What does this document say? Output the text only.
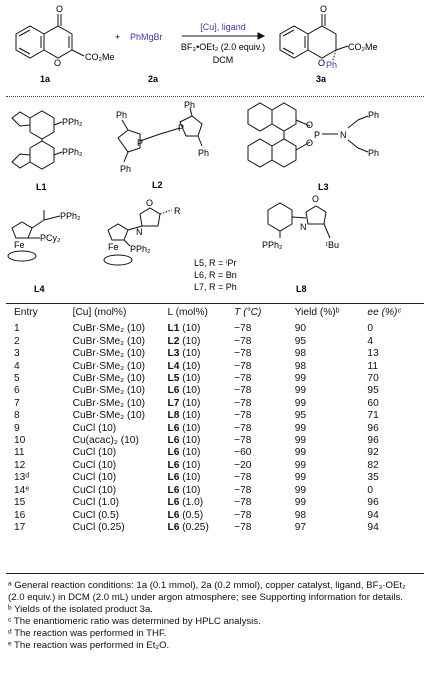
O
O
CO₂Me
1a
+ PhMgBr
2a
[Cu], ligand
BF₃•OEt₂ (2.0 equiv.)
DCM
O
O
CO₂Me
Ph
3a
PPh₂
PPh₂
L1
Ph
Ph
Ph
Ph
P
P
L2
O
O
P N
Ph
Ph
L3
PPh₂
PCy₂
Fe
L4
O
N
R
Fe PPh₂
L5, R = ⁱPr
L6, R = Bn
L7, R = Ph
O
N
PPh₂	ᵗBu
L8
Entry	[Cu] (mol%)	L (mol%)	T (°C)	Yield (%)ᵇ	ee (%)ᶜ
1	CuBr·SMe₂ (10)	L1 (10)	−78	90	0
2	CuBr·SMe₂ (10)	L2 (10)	−78	95	4
3	CuBr·SMe₂ (10)	L3 (10)	−78	98	13
4	CuBr·SMe₂ (10)	L4 (10)	−78	98	11
5	CuBr·SMe₂ (10)	L5 (10)	−78	99	70
6	CuBr·SMe₂ (10)	L6 (10)	−78	99	95
7	CuBr·SMe₂ (10)	L7 (10)	−78	99	60
8	CuBr·SMe₂ (10)	L8 (10)	−78	95	71
9	CuCl (10)	L6 (10)	−78	99	96
10	Cu(acac)₂ (10)	L6 (10)	−78	99	96
11	CuCl (10)	L6 (10)	−60	99	92
12	CuCl (10)	L6 (10)	−20	99	82
13ᵈ	CuCl (10)	L6 (10)	−78	99	35
14ᵉ	CuCl (10)	L6 (10)	−78	99	0
15	CuCl (1.0)	L6 (1.0)	−78	99	96
16	CuCl (0.5)	L6 (0.5)	−78	98	94
17	CuCl (0.25)	L6 (0.25)	−78	97	94

ᵃ General reaction conditions: 1a (0.1 mmol), 2a (0.2 mmol), copper catalyst, ligand, BF₃·OEt₂ (2.0 equiv.) in DCM (2.0 mL) under argon atmosphere; see Supporting information for details.

ᵇ Yields of the isolated product 3a.

ᶜ The enantiomeric ratio was determined by HPLC analysis.

ᵈ The reaction was performed in THF.

ᵉ The reaction was performed in Et₂O.
